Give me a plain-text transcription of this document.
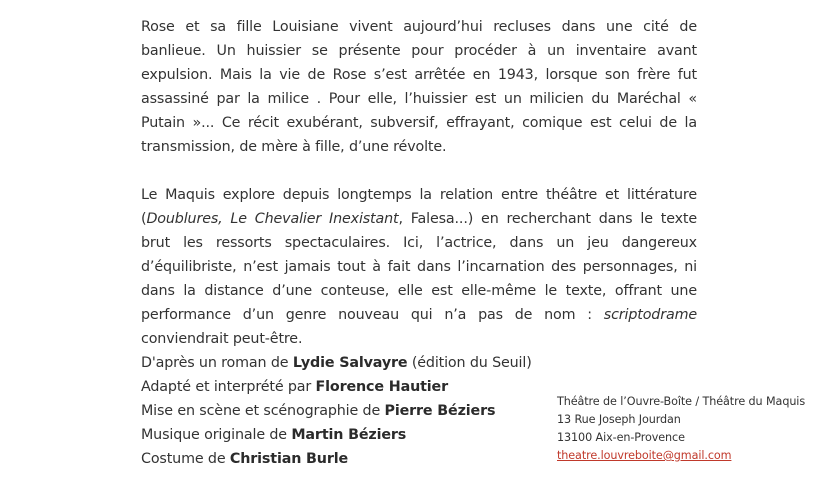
Rose et sa fille Louisiane vivent aujourd’hui recluses dans une cité de banlieue. Un huissier se présente pour procéder à un inventaire avant expulsion. Mais la vie de Rose s’est arrêtée en 1943, lorsque son frère fut assassiné par la milice . Pour elle, l’huissier est un milicien du Maréchal « Putain »... Ce récit exubérant, subversif, effrayant, comique est celui de la transmission, de mère à fille, d’une révolte.

Le Maquis explore depuis longtemps la relation entre théâtre et littérature (Doublures, Le Chevalier Inexistant, Falesa...) en recherchant dans le texte brut les ressorts spectaculaires. Ici, l’actrice, dans un jeu dangereux d’équilibriste, n’est jamais tout à fait dans l’incarnation des personnages, ni dans la distance d’une conteuse, elle est elle-même le texte, offrant une performance d’un genre nouveau qui n’a pas de nom : scriptodrame conviendrait peut-être.

D'après un roman de Lydie Salvayre (édition du Seuil)
Adapté et interprété par Florence Hautier
Mise en scène et scénographie de Pierre Béziers
Musique originale de Martin Béziers
Costume de Christian Burle
Théâtre de l’Ouvre-Boîte / Théâtre du Maquis
13 Rue Joseph Jourdan
13100 Aix-en-Provence
theatre.louvreboite@gmail.com
